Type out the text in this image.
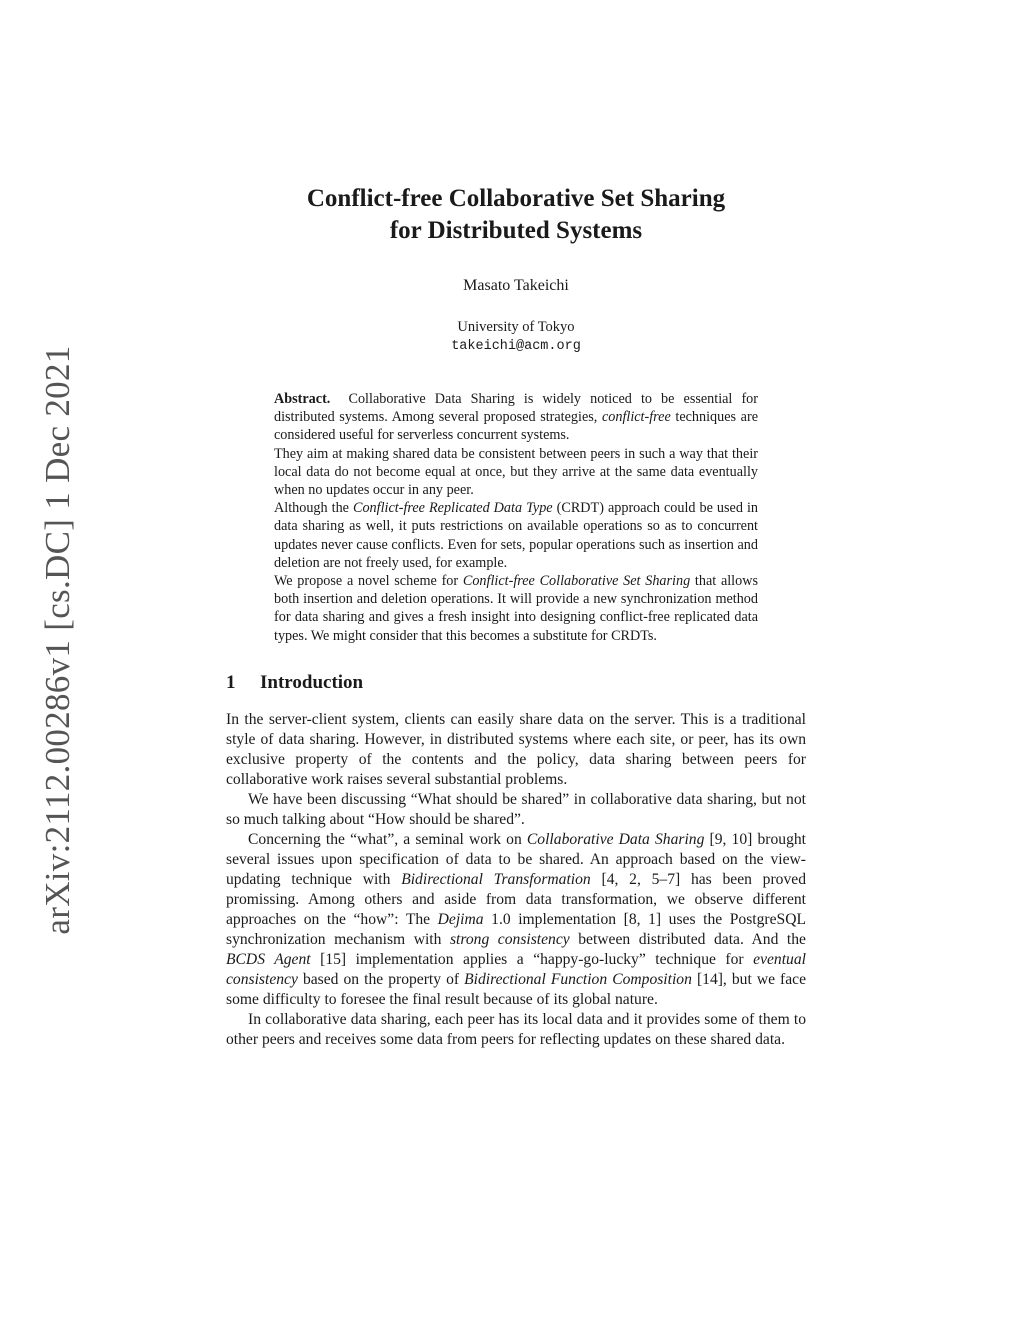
arXiv:2112.00286v1 [cs.DC] 1 Dec 2021
Conflict-free Collaborative Set Sharing
for Distributed Systems
Masato Takeichi
University of Tokyo
takeichi@acm.org

Abstract. Collaborative Data Sharing is widely noticed to be essential for distributed systems. Among several proposed strategies, conflict-free techniques are considered useful for serverless concurrent systems.

They aim at making shared data be consistent between peers in such a way that their local data do not become equal at once, but they arrive at the same data eventually when no updates occur in any peer.

Although the Conflict-free Replicated Data Type (CRDT) approach could be used in data sharing as well, it puts restrictions on available operations so as to concurrent updates never cause conflicts. Even for sets, popular operations such as insertion and deletion are not freely used, for example.

We propose a novel scheme for Conflict-free Collaborative Set Sharing that allows both insertion and deletion operations. It will provide a new synchronization method for data sharing and gives a fresh insight into designing conflict-free replicated data types. We might consider that this becomes a substitute for CRDTs.

1 Introduction

In the server-client system, clients can easily share data on the server. This is a traditional style of data sharing. However, in distributed systems where each site, or peer, has its own exclusive property of the contents and the policy, data sharing between peers for collaborative work raises several substantial problems.

We have been discussing “What should be shared” in collaborative data sharing, but not so much talking about “How should be shared”.

Concerning the “what”, a seminal work on Collaborative Data Sharing [9, 10] brought several issues upon specification of data to be shared. An approach based on the view-updating technique with Bidirectional Transformation [4, 2, 5–7] has been proved promissing. Among others and aside from data transformation, we observe different approaches on the “how”: The Dejima 1.0 implementation [8, 1] uses the PostgreSQL synchronization mechanism with strong consistency between distributed data. And the BCDS Agent [15] implementation applies a “happy-go-lucky” technique for eventual consistency based on the property of Bidirectional Function Composition [14], but we face some difficulty to foresee the final result because of its global nature.

In collaborative data sharing, each peer has its local data and it provides some of them to other peers and receives some data from peers for reflecting updates on these shared data.
